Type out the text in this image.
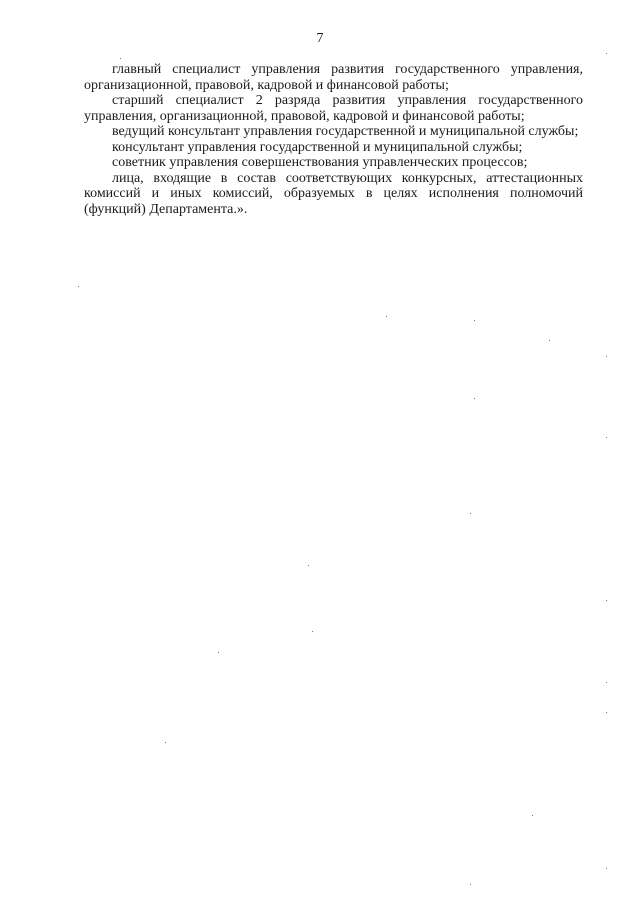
7

главный специалист управления развития государственного управления, организационной, правовой, кадровой и финансовой работы;

старший специалист 2 разряда развития управления государственного управления, организационной, правовой, кадровой и финансовой работы;

ведущий консультант управления государственной и муниципальной службы;

консультант управления государственной и муниципальной службы;

советник управления совершенствования управленческих процессов;

лица, входящие в состав соответствующих конкурсных, аттестационных комиссий и иных комиссий, образуемых в целях исполнения полномочий (функций) Департамента.».
